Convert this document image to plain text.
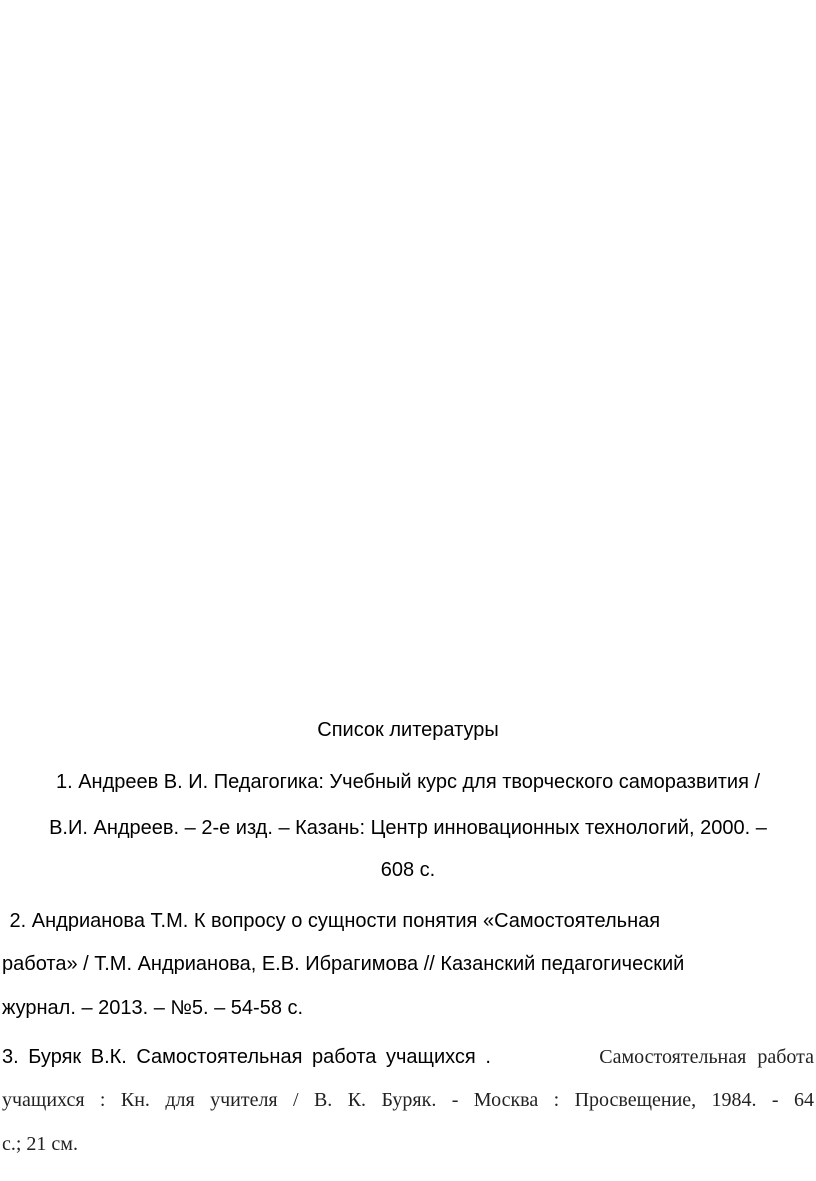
Список литературы
1. Андреев В. И. Педагогика: Учебный курс для творческого саморазвития /
В.И. Андреев. – 2-е изд. – Казань: Центр инновационных технологий, 2000. –
608 с.
2. Андрианова Т.М. К вопросу о сущности понятия «Самостоятельная
работа» / Т.М. Андрианова, Е.В. Ибрагимова // Казанский педагогический
журнал. – 2013. – №5. – 54-58 с.
3. Буряк В.К. Самостоятельная работа учащихся .	Самостоятельная работа
учащихся : Кн. для учителя / В. К. Буряк. - Москва : Просвещение, 1984. - 64
с.; 21 см.
